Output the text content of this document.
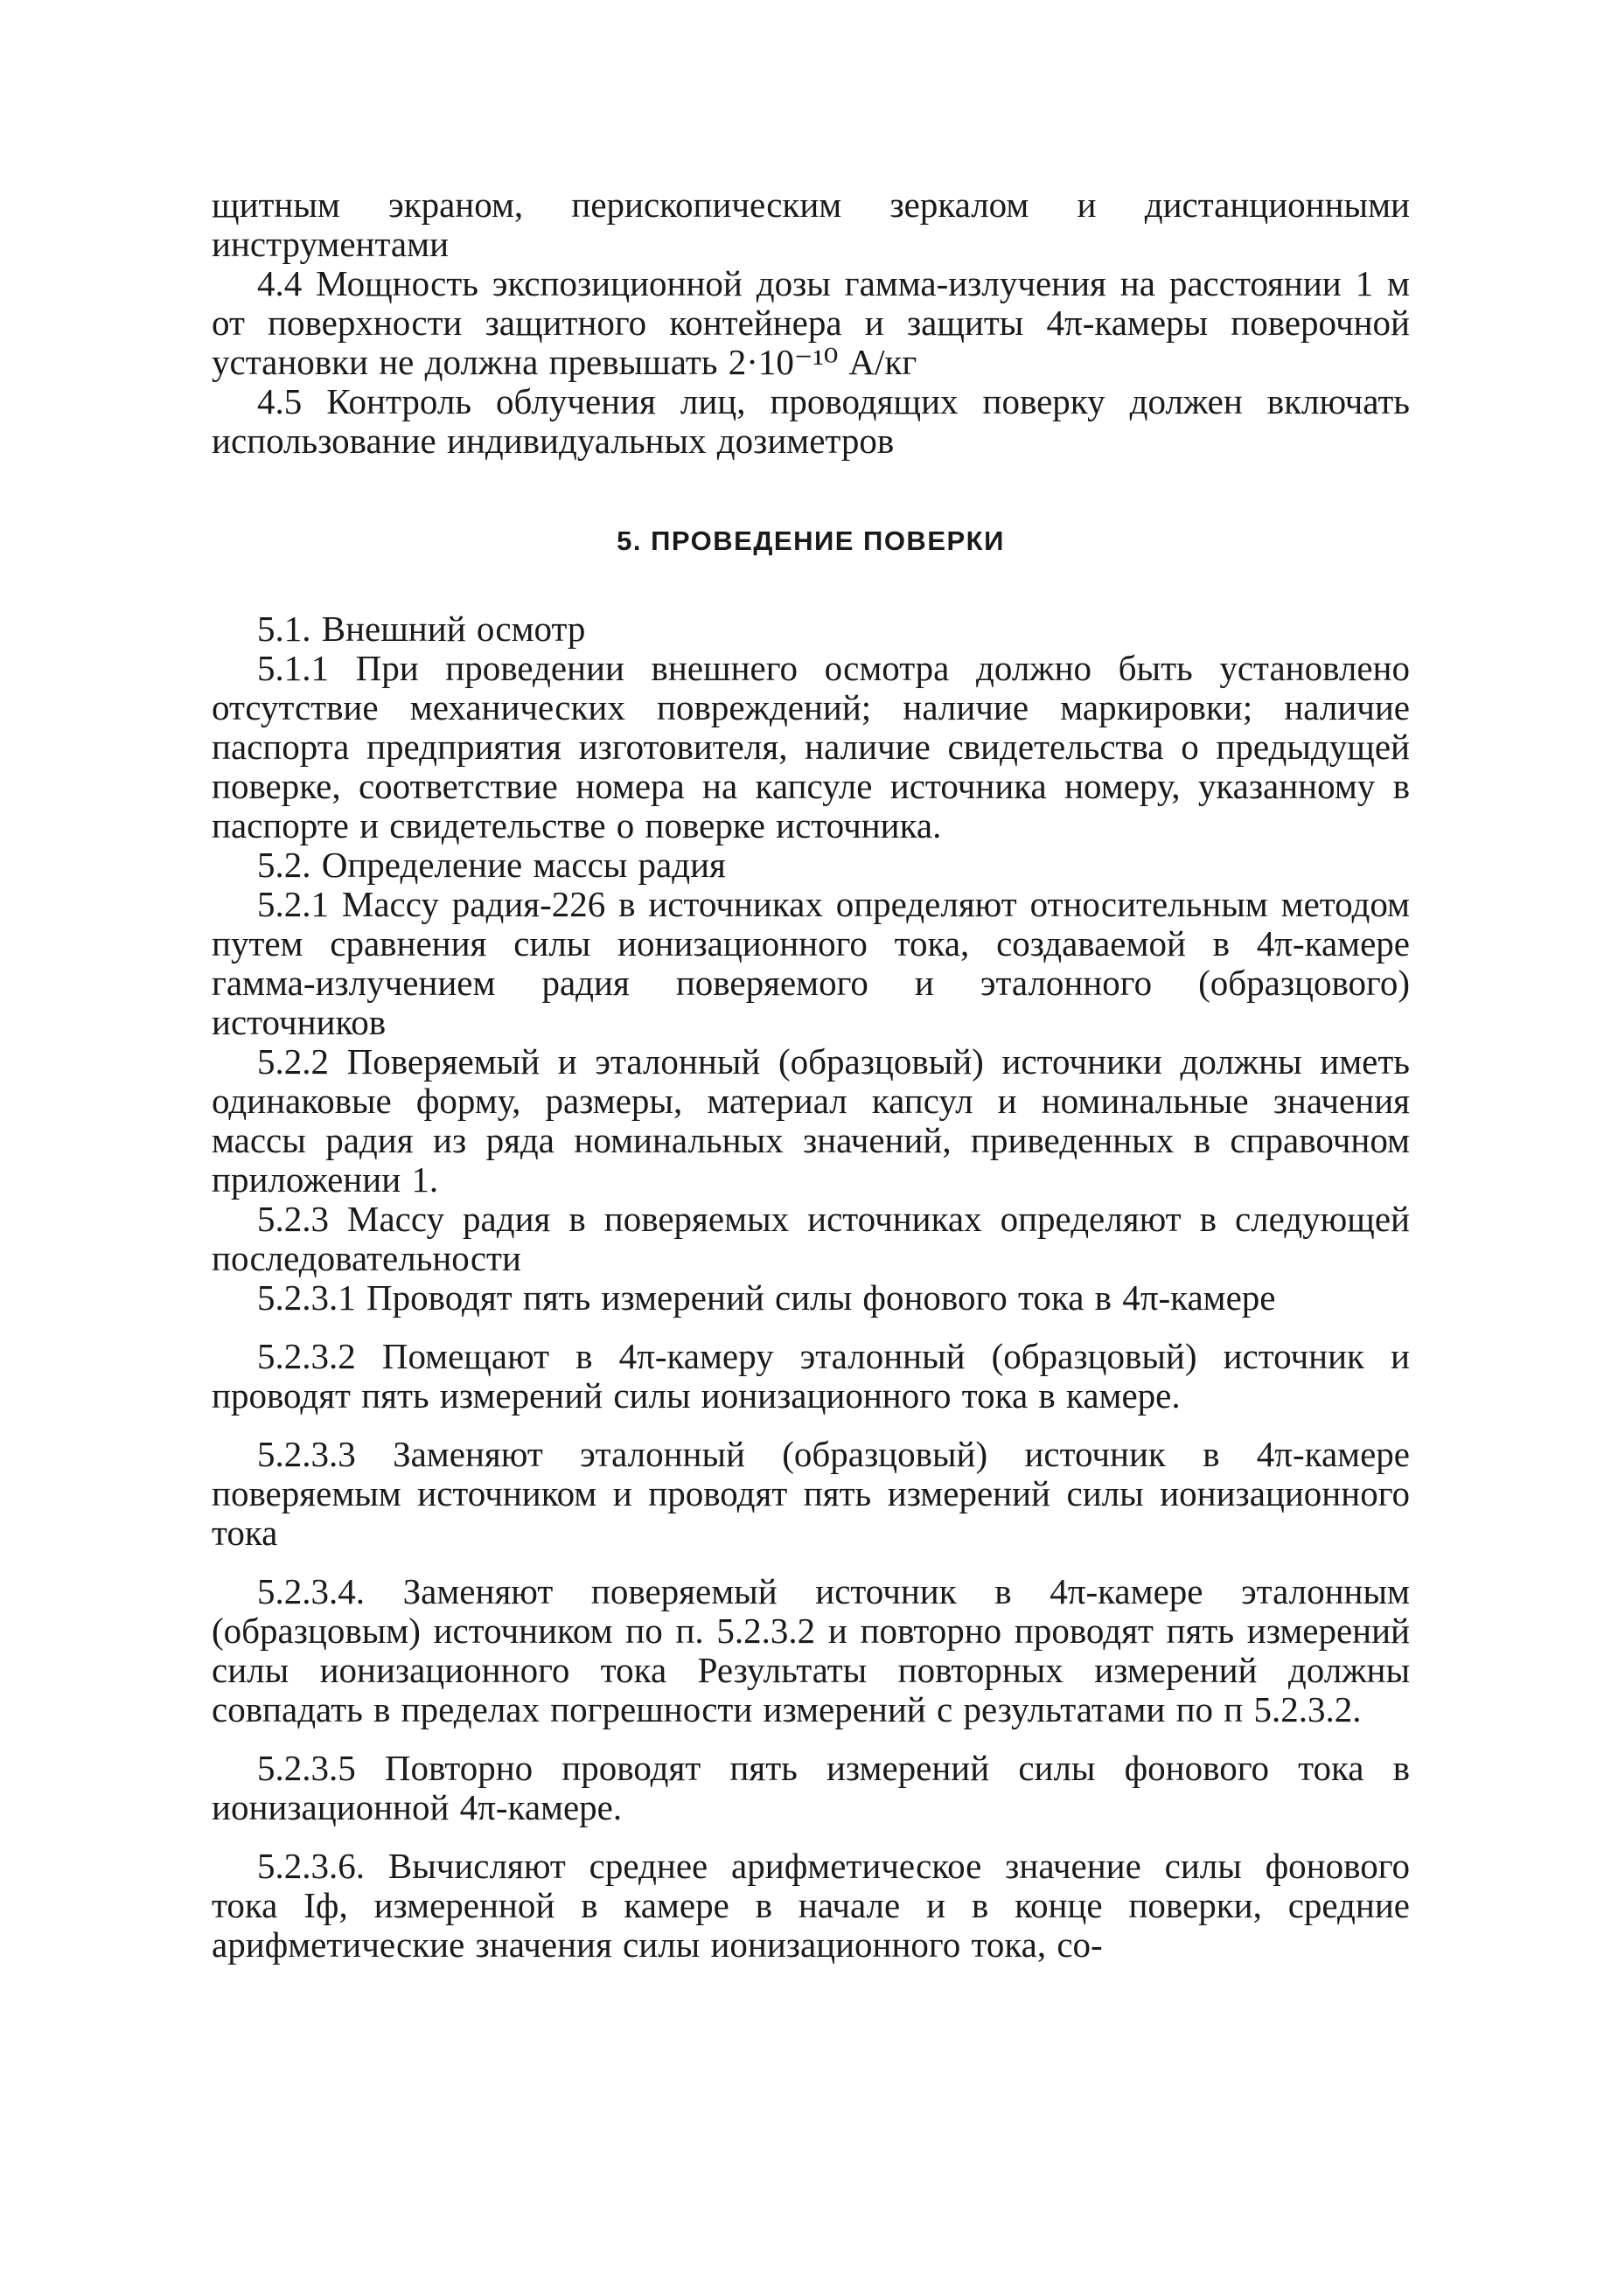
щитным экраном, перископическим зеркалом и дистанционными инструментами

4.4 Мощность экспозиционной дозы гамма-излучения на расстоянии 1 м от поверхности защитного контейнера и защиты 4π-камеры поверочной установки не должна превышать 2·10⁻¹⁰ А/кг

4.5 Контроль облучения лиц, проводящих поверку должен включать использование индивидуальных дозиметров

5. ПРОВЕДЕНИЕ ПОВЕРКИ

5.1. Внешний осмотр

5.1.1 При проведении внешнего осмотра должно быть установлено отсутствие механических повреждений; наличие маркировки; наличие паспорта предприятия изготовителя, наличие свидетельства о предыдущей поверке, соответствие номера на капсуле источника номеру, указанному в паспорте и свидетельстве о поверке источника.

5.2. Определение массы радия

5.2.1 Массу радия-226 в источниках определяют относительным методом путем сравнения силы ионизационного тока, создаваемой в 4π-камере гамма-излучением радия поверяемого и эталонного (образцового) источников

5.2.2 Поверяемый и эталонный (образцовый) источники должны иметь одинаковые форму, размеры, материал капсул и номинальные значения массы радия из ряда номинальных значений, приведенных в справочном приложении 1.

5.2.3 Массу радия в поверяемых источниках определяют в следующей последовательности

5.2.3.1 Проводят пять измерений силы фонового тока в 4π-камере

5.2.3.2 Помещают в 4π-камеру эталонный (образцовый) источник и проводят пять измерений силы ионизационного тока в камере.

5.2.3.3 Заменяют эталонный (образцовый) источник в 4π-камере поверяемым источником и проводят пять измерений силы ионизационного тока

5.2.3.4. Заменяют поверяемый источник в 4π-камере эталонным (образцовым) источником по п. 5.2.3.2 и повторно проводят пять измерений силы ионизационного тока Результаты повторных измерений должны совпадать в пределах погрешности измерений с результатами по п 5.2.3.2.

5.2.3.5 Повторно проводят пять измерений силы фонового тока в ионизационной 4π-камере.

5.2.3.6. Вычисляют среднее арифметическое значение силы фонового тока Iф, измеренной в камере в начале и в конце поверки, средние арифметические значения силы ионизационного тока, со-
